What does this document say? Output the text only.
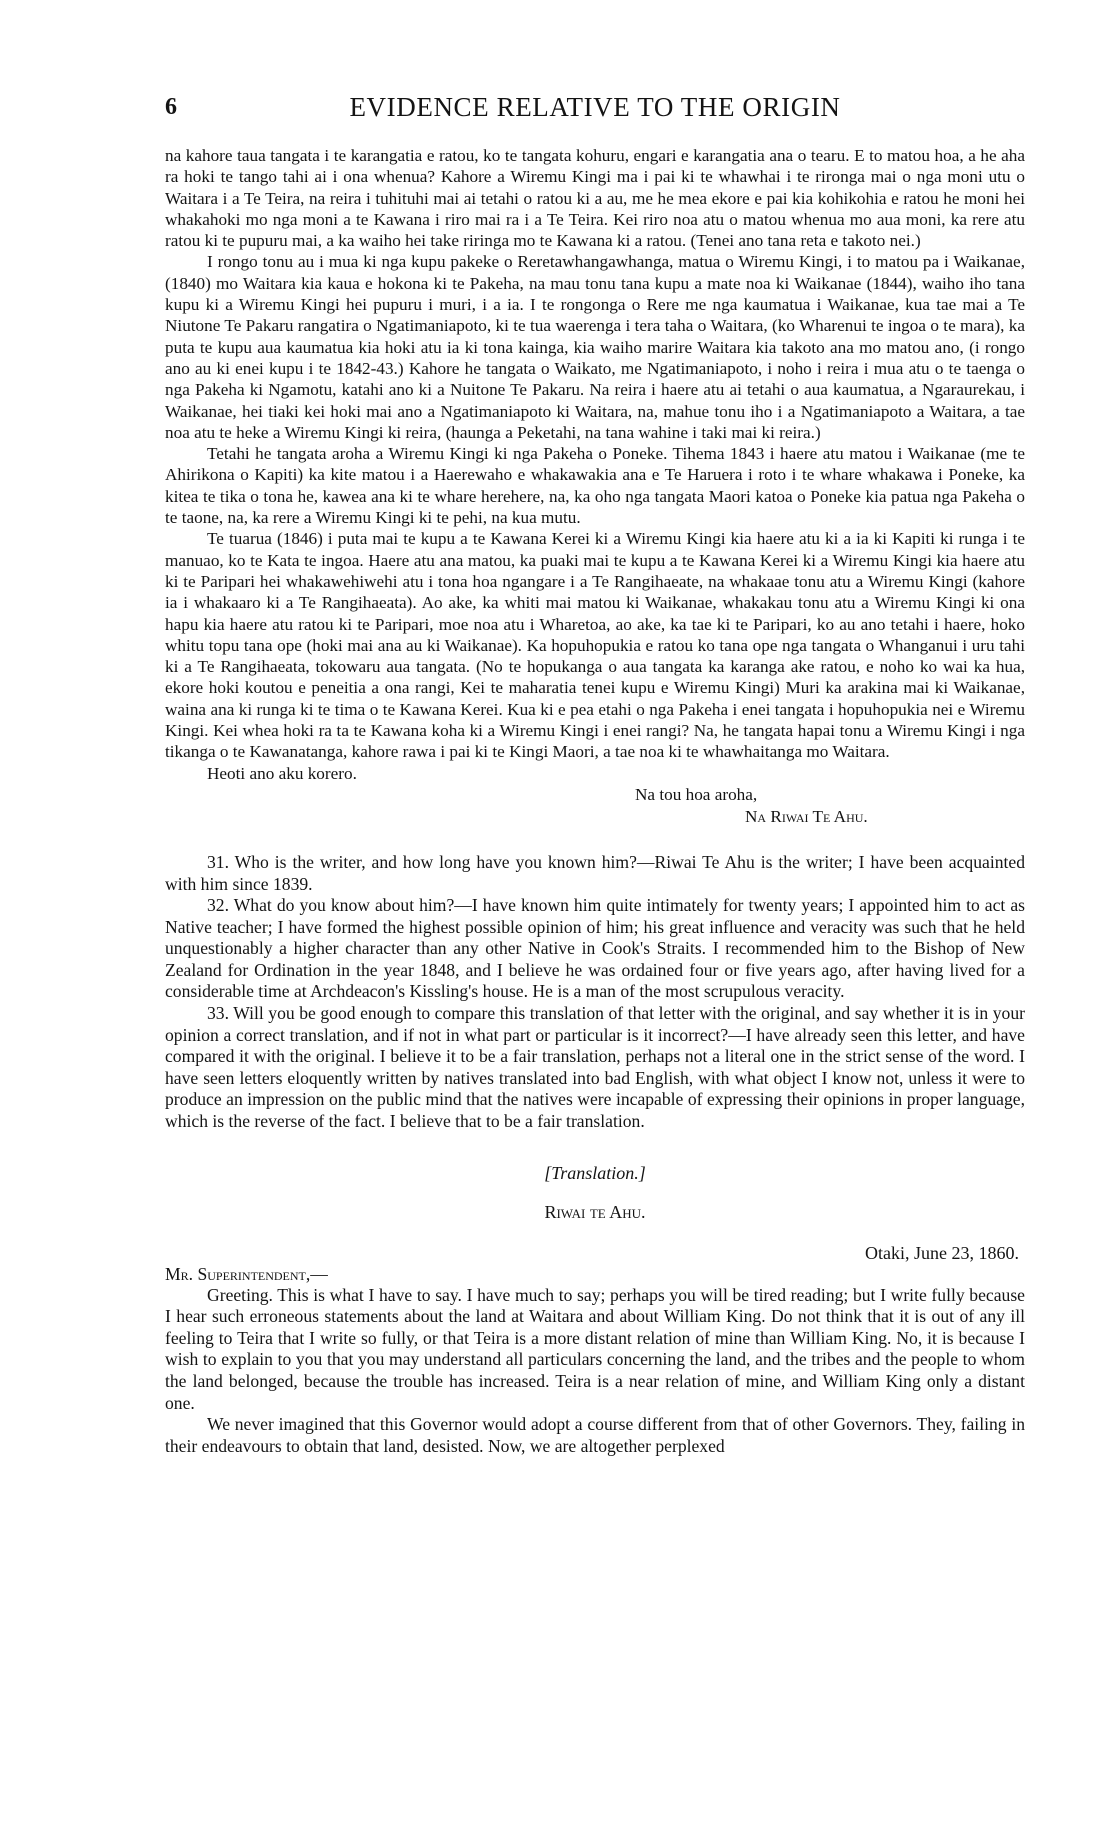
6	EVIDENCE RELATIVE TO THE ORIGIN

na kahore taua tangata i te karangatia e ratou, ko te tangata kohuru, engari e karangatia ana o tearu. E to matou hoa, a he aha ra hoki te tango tahi ai i ona whenua? Kahore a Wiremu Kingi ma i pai ki te whawhai i te rironga mai o nga moni utu o Waitara i a Te Teira, na reira i tuhituhi mai ai tetahi o ratou ki a au, me he mea ekore e pai kia kohikohia e ratou he moni hei whakahoki mo nga moni a te Kawana i riro mai ra i a Te Teira. Kei riro noa atu o matou whenua mo aua moni, ka rere atu ratou ki te pupuru mai, a ka waiho hei take riringa mo te Kawana ki a ratou. (Tenei ano tana reta e takoto nei.)

I rongo tonu au i mua ki nga kupu pakeke o Reretawhangawhanga, matua o Wiremu Kingi, i to matou pa i Waikanae, (1840) mo Waitara kia kaua e hokona ki te Pakeha, na mau tonu tana kupu a mate noa ki Waikanae (1844), waiho iho tana kupu ki a Wiremu Kingi hei pupuru i muri, i a ia. I te rongonga o Rere me nga kaumatua i Waikanae, kua tae mai a Te Niutone Te Pakaru rangatira o Ngatimaniapoto, ki te tua waerenga i tera taha o Waitara, (ko Wharenui te ingoa o te mara), ka puta te kupu aua kaumatua kia hoki atu ia ki tona kainga, kia waiho marire Waitara kia takoto ana mo matou ano, (i rongo ano au ki enei kupu i te 1842-43.) Kahore he tangata o Waikato, me Ngatimaniapoto, i noho i reira i mua atu o te taenga o nga Pakeha ki Ngamotu, katahi ano ki a Nuitone Te Pakaru. Na reira i haere atu ai tetahi o aua kaumatua, a Ngaraurekau, i Waikanae, hei tiaki kei hoki mai ano a Ngatimaniapoto ki Waitara, na, mahue tonu iho i a Ngatimaniapoto a Waitara, a tae noa atu te heke a Wiremu Kingi ki reira, (haunga a Peketahi, na tana wahine i taki mai ki reira.)

Tetahi he tangata aroha a Wiremu Kingi ki nga Pakeha o Poneke. Tihema 1843 i haere atu matou i Waikanae (me te Ahirikona o Kapiti) ka kite matou i a Haerewaho e whakawakia ana e Te Haruera i roto i te whare whakawa i Poneke, ka kitea te tika o tona he, kawea ana ki te whare herehere, na, ka oho nga tangata Maori katoa o Poneke kia patua nga Pakeha o te taone, na, ka rere a Wiremu Kingi ki te pehi, na kua mutu.

Te tuarua (1846) i puta mai te kupu a te Kawana Kerei ki a Wiremu Kingi kia haere atu ki a ia ki Kapiti ki runga i te manuao, ko te Kata te ingoa. Haere atu ana matou, ka puaki mai te kupu a te Kawana Kerei ki a Wiremu Kingi kia haere atu ki te Paripari hei whakawehiwehi atu i tona hoa ngangare i a Te Rangihaeate, na whakaae tonu atu a Wiremu Kingi (kahore ia i whakaaro ki a Te Rangihaeata). Ao ake, ka whiti mai matou ki Waikanae, whakakau tonu atu a Wiremu Kingi ki ona hapu kia haere atu ratou ki te Paripari, moe noa atu i Wharetoa, ao ake, ka tae ki te Paripari, ko au ano tetahi i haere, hoko whitu topu tana ope (hoki mai ana au ki Waikanae). Ka hopuhopukia e ratou ko tana ope nga tangata o Whanganui i uru tahi ki a Te Rangihaeata, tokowaru aua tangata. (No te hopukanga o aua tangata ka karanga ake ratou, e noho ko wai ka hua, ekore hoki koutou e peneitia a ona rangi, Kei te maharatia tenei kupu e Wiremu Kingi) Muri ka arakina mai ki Waikanae, waina ana ki runga ki te tima o te Kawana Kerei. Kua ki e pea etahi o nga Pakeha i enei tangata i hopuhopukia nei e Wiremu Kingi. Kei whea hoki ra ta te Kawana koha ki a Wiremu Kingi i enei rangi? Na, he tangata hapai tonu a Wiremu Kingi i nga tikanga o te Kawanatanga, kahore rawa i pai ki te Kingi Maori, a tae noa ki te whawhaitanga mo Waitara.

Heoti ano aku korero.

Na tou hoa aroha,
Na Riwai Te Ahu.

31. Who is the writer, and how long have you known him?—Riwai Te Ahu is the writer; I have been acquainted with him since 1839.

32. What do you know about him?—I have known him quite intimately for twenty years; I appointed him to act as Native teacher; I have formed the highest possible opinion of him; his great influence and veracity was such that he held unquestionably a higher character than any other Native in Cook's Straits. I recommended him to the Bishop of New Zealand for Ordination in the year 1848, and I believe he was ordained four or five years ago, after having lived for a considerable time at Archdeacon's Kissling's house. He is a man of the most scrupulous veracity.

33. Will you be good enough to compare this translation of that letter with the original, and say whether it is in your opinion a correct translation, and if not in what part or particular is it incorrect?—I have already seen this letter, and have compared it with the original. I believe it to be a fair translation, perhaps not a literal one in the strict sense of the word. I have seen letters eloquently written by natives translated into bad English, with what object I know not, unless it were to produce an impression on the public mind that the natives were incapable of expressing their opinions in proper language, which is the reverse of the fact. I believe that to be a fair translation.

[Translation.]
Riwai te Ahu.
Otaki, June 23, 1860.
Mr. Superintendent,—

Greeting. This is what I have to say. I have much to say; perhaps you will be tired reading; but I write fully because I hear such erroneous statements about the land at Waitara and about William King. Do not think that it is out of any ill feeling to Teira that I write so fully, or that Teira is a more distant relation of mine than William King. No, it is because I wish to explain to you that you may understand all particulars concerning the land, and the tribes and the people to whom the land belonged, because the trouble has increased. Teira is a near relation of mine, and William King only a distant one.

We never imagined that this Governor would adopt a course different from that of other Governors. They, failing in their endeavours to obtain that land, desisted. Now, we are altogether perplexed
